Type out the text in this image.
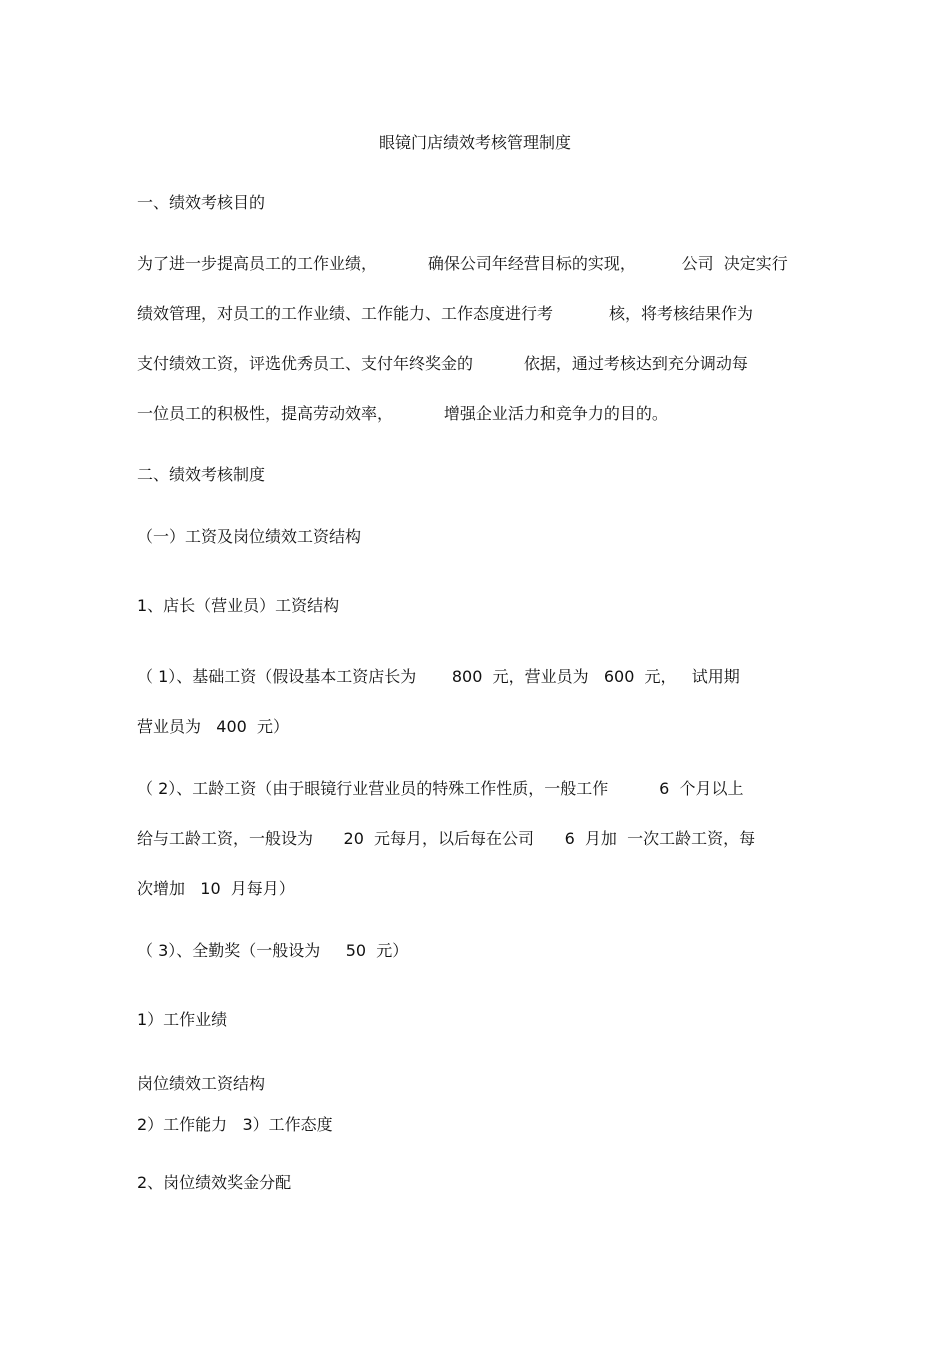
眼镜门店绩效考核管理制度

一、绩效考核目的

为了进一步提高员工的工作业绩，          确保公司年经营目标的实现，         公司  决定实行

绩效管理，对员工的工作业绩、工作能力、工作态度进行考           核，将考核结果作为

支付绩效工资，评选优秀员工、支付年终奖金的          依据，通过考核达到充分调动每

一位员工的积极性，提高劳动效率，          增强企业活力和竞争力的目的。

二、绩效考核制度

（一）工资及岗位绩效工资结构

1、店长（营业员）工资结构

（ 1）、基础工资（假设基本工资店长为       800  元，营业员为   600  元，   试用期

营业员为   400  元）

（ 2）、工龄工资（由于眼镜行业营业员的特殊工作性质，一般工作          6  个月以上

给与工龄工资，一般设为      20  元每月，以后每在公司      6  月加  一次工龄工资，每

次增加   10  月每月）

（ 3）、全勤奖（一般设为     50  元）

1）工作业绩

岗位绩效工资结构

2）工作能力   3）工作态度

2、岗位绩效奖金分配
